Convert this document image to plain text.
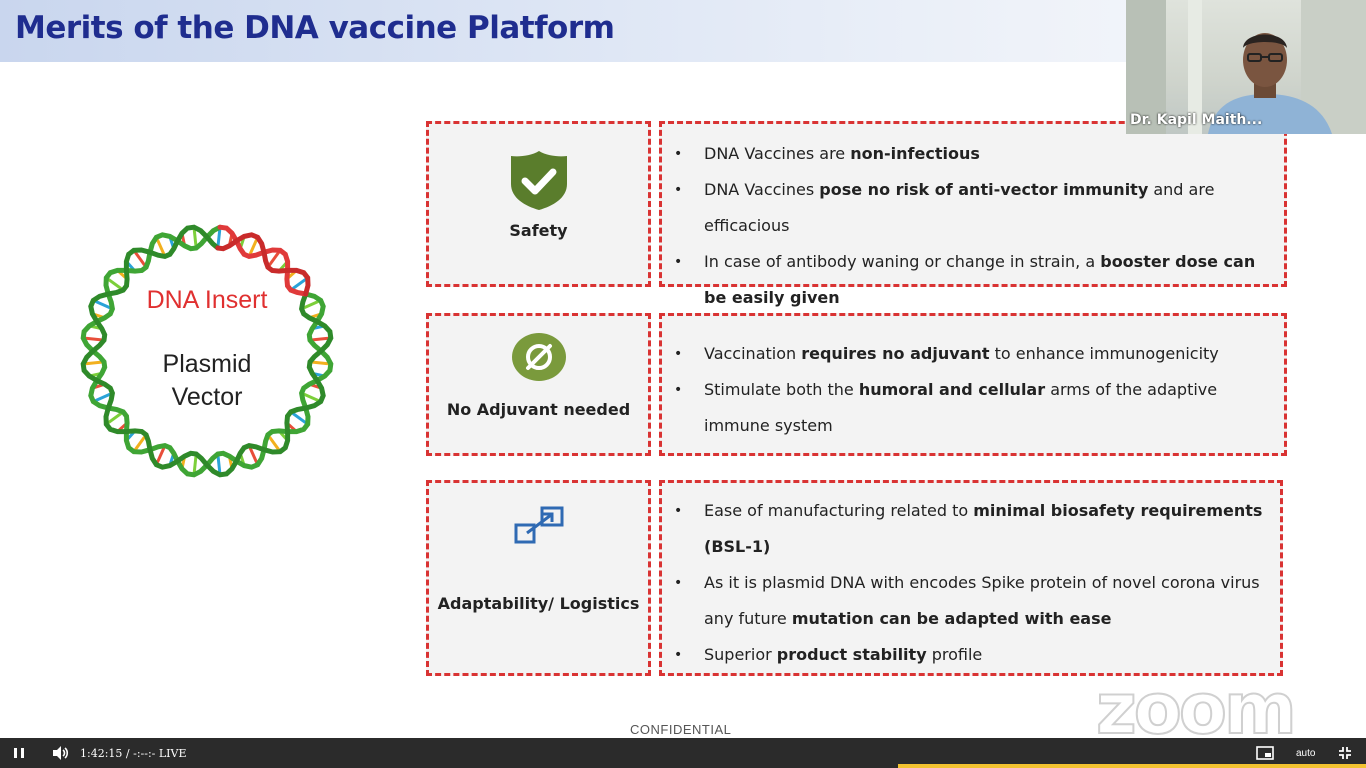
Merits of the DNA vaccine Platform
DNA Insert
Plasmid
Vector
Safety
• DNA Vaccines are non-infectious
• DNA Vaccines pose no risk of anti-vector immunity and are efficacious
• In case of antibody waning or change in strain, a booster dose can be easily given
No Adjuvant needed
• Vaccination requires no adjuvant to enhance immunogenicity
• Stimulate both the humoral and cellular arms of the adaptive immune system
Adaptability/ Logistics
• Ease of manufacturing related to minimal biosafety requirements (BSL-1)
• As it is plasmid DNA with encodes Spike protein of novel corona virus any future mutation can be adapted with ease
• Superior product stability profile
CONFIDENTIAL	zoom
Dr. Kapil Maith...
1:42:15 / -:--:- LIVE	auto
